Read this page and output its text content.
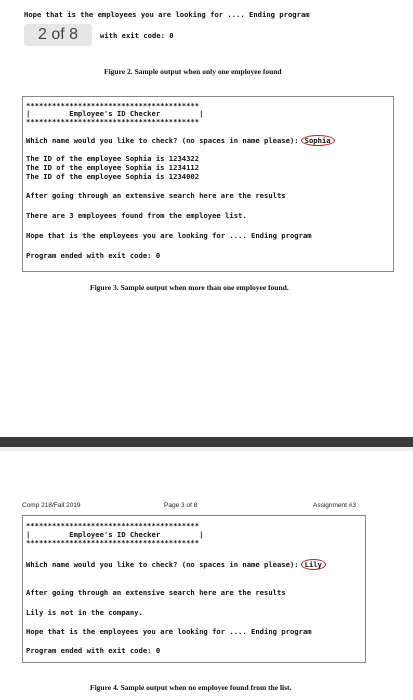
Hope that is the employees you are looking for .... Ending program
2 of 8	with exit code: 0
Figure 2. Sample output when only one employee found
****************************************
|         Employee's ID Checker         |
****************************************
Which name would you like to check? (no spaces in name please): Sophia
The ID of the employee Sophia is 1234322
The ID of the employee Sophia is 1234112
The ID of the employee Sophia is 1234002
After going through an extensive search here are the results
There are 3 employees found from the employee list.
Hope that is the employees you are looking for .... Ending program
Program ended with exit code: 0
Figure 3. Sample output when more than one employee found.
Comp 218/Fall 2019	Page 3 of 8	Assignment #3
****************************************
|         Employee's ID Checker         |
****************************************
Which name would you like to check? (no spaces in name please): Lily
After going through an extensive search here are the results
Lily is not in the company.
Hope that is the employees you are looking for .... Ending program
Program ended with exit code: 0
Figure 4. Sample output when no employee found from the list.
